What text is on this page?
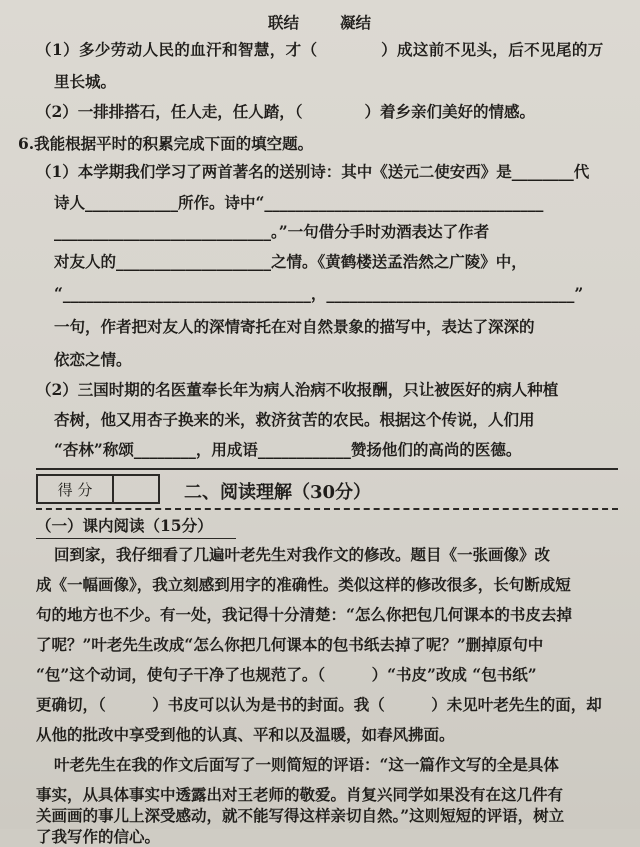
联结	凝结
（1）多少劳动人民的血汗和智慧，才（　　　　）成这前不见头，后不见尾的万
里长城。
（2）一排排搭石，任人走，任人踏，（　　　　）着乡亲们美好的情感。
6.我能根据平时的积累完成下面的填空题。
（1）本学期我们学习了两首著名的送别诗：其中《送元二使安西》是________代
诗人____________所作。诗中“____________________________________
____________________________。”一句借分手时劝酒表达了作者
对友人的____________________之情。《黄鹤楼送孟浩然之广陵》中，
“________________________________，________________________________”
一句，作者把对友人的深情寄托在对自然景象的描写中，表达了深深的
依恋之情。
（2）三国时期的名医董奉长年为病人治病不收报酬，只让被医好的病人种植
杏树，他又用杏子换来的米，救济贫苦的农民。根据这个传说，人们用
“杏林”称颂________，用成语____________赞扬他们的高尚的医德。
得 分	二、阅读理解（30分）
（一）课内阅读（15分）
回到家，我仔细看了几遍叶老先生对我作文的修改。题目《一张画像》改
成《一幅画像》，我立刻感到用字的准确性。类似这样的修改很多，长句断成短
句的地方也不少。有一处，我记得十分清楚：“怎么你把包几何课本的书皮去掉
了呢？”叶老先生改成“怎么你把几何课本的包书纸去掉了呢？”删掉原句中
“包”这个动词，使句子干净了也规范了。（　　　）“书皮”改成 “包书纸”
更确切，（　　　）书皮可以认为是书的封面。我（　　　）未见叶老先生的面，却
从他的批改中享受到他的认真、平和以及温暖，如春风拂面。
叶老先生在我的作文后面写了一则简短的评语：“这一篇作文写的全是具体
事实，从具体事实中透露出对王老师的敬爱。肖复兴同学如果没有在这几件有
关画画的事儿上深受感动，就不能写得这样亲切自然。”这则短短的评语，树立
了我写作的信心。
